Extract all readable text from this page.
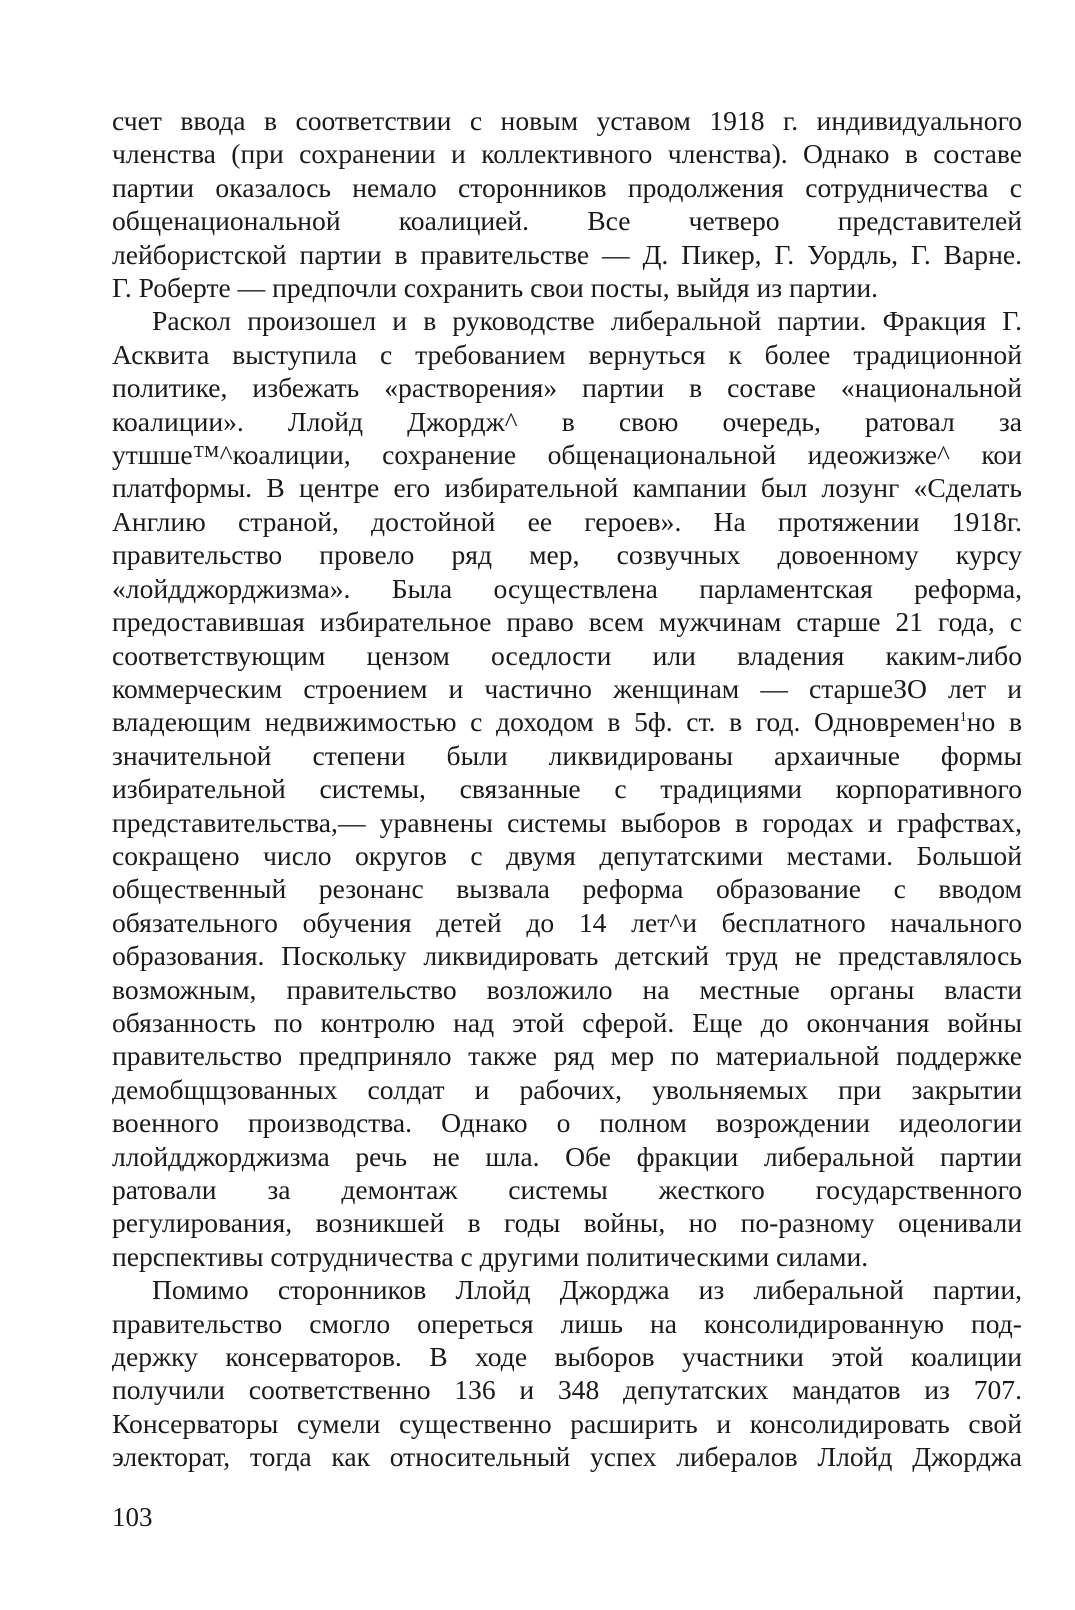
счет ввода в соответствии с новым уставом 1918 г. индивидуального
членства (при сохранении и коллективного членства). Однако в составе
партии оказалось немало сторонников продолжения сотрудничества с
общенациональной коалицией. Все четверо представителей
лейбористской партии в правительстве — Д. Пикер, Г. Уордль, Г. Варне.
Г. Роберте — предпочли сохранить свои посты, выйдя из партии.
Раскол произошел и в руководстве либеральной партии. Фракция Г.
Асквита выступила с требованием вернуться к более традиционной
политике, избежать «растворения» партии в составе «национальной
коалиции». Ллойд Джордж^ в свою очередь, ратовал за
утшше™^коалиции, сохранение общенациональной идеожизже^ кои
платформы. В центре его избирательной кампании был лозунг «Сделать
Англию страной, достойной ее героев». На протяжении 1918г.
правительство провело ряд мер, созвучных довоенному курсу
«лойдджорджизма». Была осуществлена парламентская реформа,
предоставившая избирательное право всем мужчинам старше 21 года, с
соответствующим цензом оседлости или владения каким-либо
коммерческим строением и частично женщинам — старшеЗО лет и
владеющим недвижимостью с доходом в 5ф. ст. в год. Одновремен$^1$но в
значительной степени были ликвидированы архаичные формы
избирательной системы, связанные с традициями корпоративного
представительства,— уравнены системы выборов в городах и графствах,
сокращено число округов с двумя депутатскими местами. Большой
общественный резонанс вызвала реформа образование с вводом
обязательного обучения детей до 14 лет^и бесплатного начального
образования. Поскольку ликвидировать детский труд не представлялось
возможным, правительство возложило на местные органы власти
обязанность по контролю над этой сферой. Еще до окончания войны
правительство предприняло также ряд мер по материальной поддержке
демобщщзованных солдат и рабочих, увольняемых при закрытии
военного производства. Однако о полном возрождении идеологии
ллойдджорджизма речь не шла. Обе фракции либеральной партии
ратовали за демонтаж системы жесткого государственного
регулирования, возникшей в годы войны, но по-разному оценивали
перспективы сотрудничества с другими политическими силами.
Помимо сторонников Ллойд Джорджа из либеральной партии,
правительство смогло опереться лишь на консолидированную под-
держку консерваторов. В ходе выборов участники этой коалиции
получили соответственно 136 и 348 депутатских мандатов из 707.
Консерваторы сумели существенно расширить и консолидировать свой
электорат, тогда как относительный успех либералов Ллойд Джорджа
103
